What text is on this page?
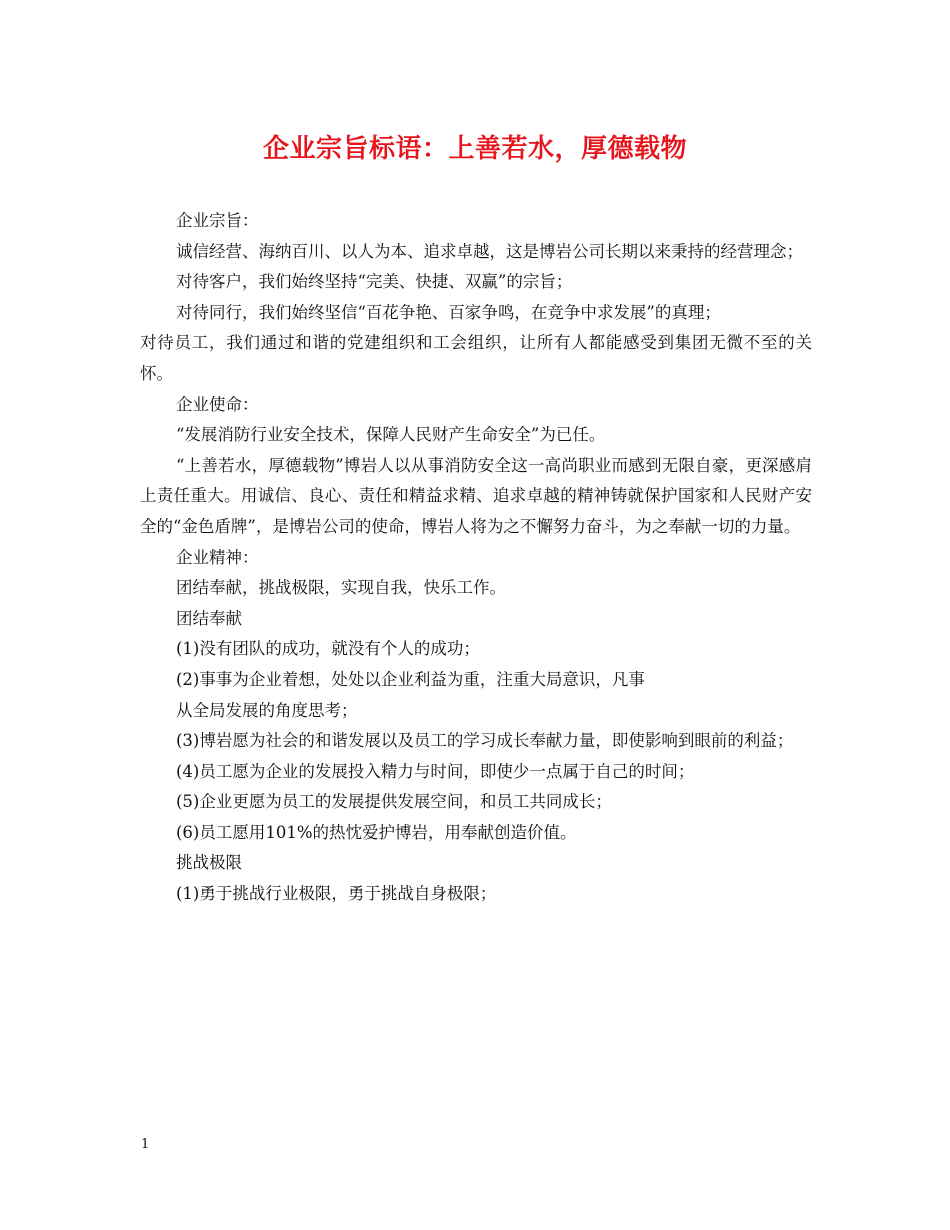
企业宗旨标语：上善若水，厚德载物

企业宗旨：

诚信经营、海纳百川、以人为本、追求卓越，这是博岩公司长期以来秉持的经营理念；

对待客户，我们始终坚持“完美、快捷、双赢”的宗旨；

对待同行，我们始终坚信“百花争艳、百家争鸣，在竞争中求发展”的真理；

对待员工，我们通过和谐的党建组织和工会组织，让所有人都能感受到集团无微不至的关怀。

企业使命：

“发展消防行业安全技术，保障人民财产生命安全”为已任。

“上善若水，厚德载物”博岩人以从事消防安全这一高尚职业而感到无限自豪，更深感肩上责任重大。用诚信、良心、责任和精益求精、追求卓越的精神铸就保护国家和人民财产安全的“金色盾牌”，是博岩公司的使命，博岩人将为之不懈努力奋斗，为之奉献一切的力量。

企业精神：

团结奉献，挑战极限，实现自我，快乐工作。

团结奉献

(1)没有团队的成功，就没有个人的成功；

(2)事事为企业着想，处处以企业利益为重，注重大局意识，凡事

从全局发展的角度思考；

(3)博岩愿为社会的和谐发展以及员工的学习成长奉献力量，即使影响到眼前的利益；

(4)员工愿为企业的发展投入精力与时间，即使少一点属于自己的时间；

(5)企业更愿为员工的发展提供发展空间，和员工共同成长；

(6)员工愿用101%的热忱爱护博岩，用奉献创造价值。

挑战极限

(1)勇于挑战行业极限，勇于挑战自身极限；

1
